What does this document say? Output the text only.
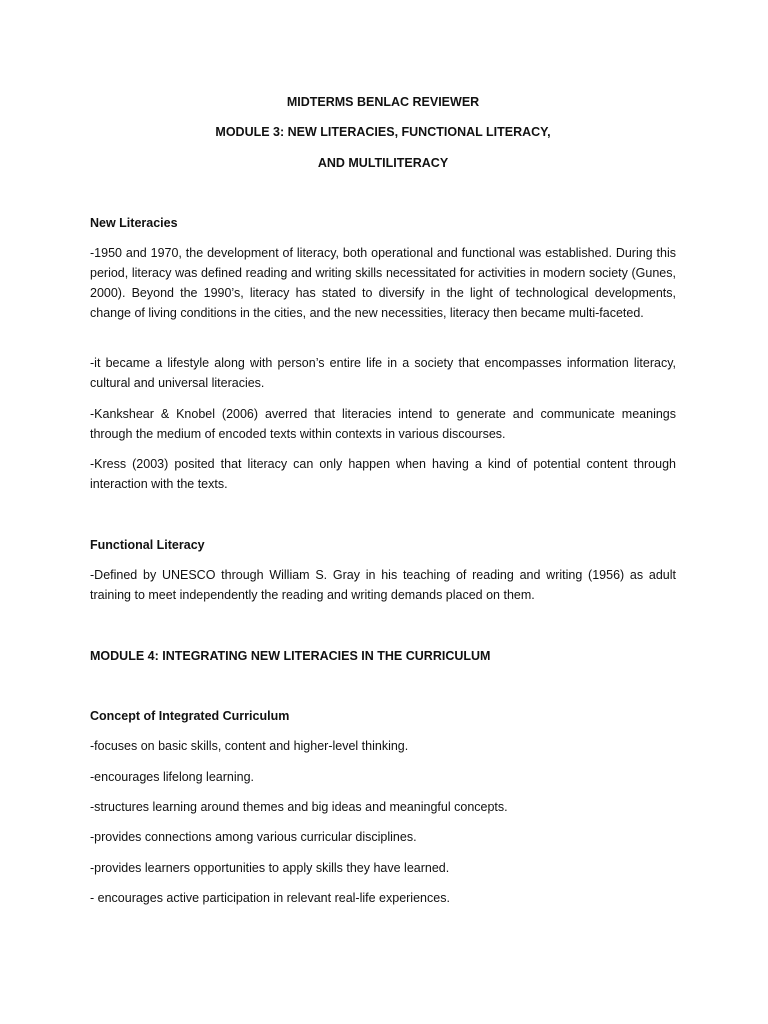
MIDTERMS BENLAC REVIEWER

MODULE 3: NEW LITERACIES, FUNCTIONAL LITERACY,

AND MULTILITERACY

New Literacies

-1950 and 1970, the development of literacy, both operational and functional was established. During this period, literacy was defined reading and writing skills necessitated for activities in modern society (Gunes, 2000). Beyond the 1990’s, literacy has stated to diversify in the light of technological developments, change of living conditions in the cities, and the new necessities, literacy then became multi-faceted.

-it became a lifestyle along with person’s entire life in a society that encompasses information literacy, cultural and universal literacies.

-Kankshear & Knobel (2006) averred that literacies intend to generate and communicate meanings through the medium of encoded texts within contexts in various discourses.

-Kress (2003) posited that literacy can only happen when having a kind of potential content through interaction with the texts.

Functional Literacy

-Defined by UNESCO through William S. Gray in his teaching of reading and writing (1956) as adult training to meet independently the reading and writing demands placed on them.

MODULE 4: INTEGRATING NEW LITERACIES IN THE CURRICULUM

Concept of Integrated Curriculum

-focuses on basic skills, content and higher-level thinking.

-encourages lifelong learning.

-structures learning around themes and big ideas and meaningful concepts.

-provides connections among various curricular disciplines.

-provides learners opportunities to apply skills they have learned.

- encourages active participation in relevant real-life experiences.
